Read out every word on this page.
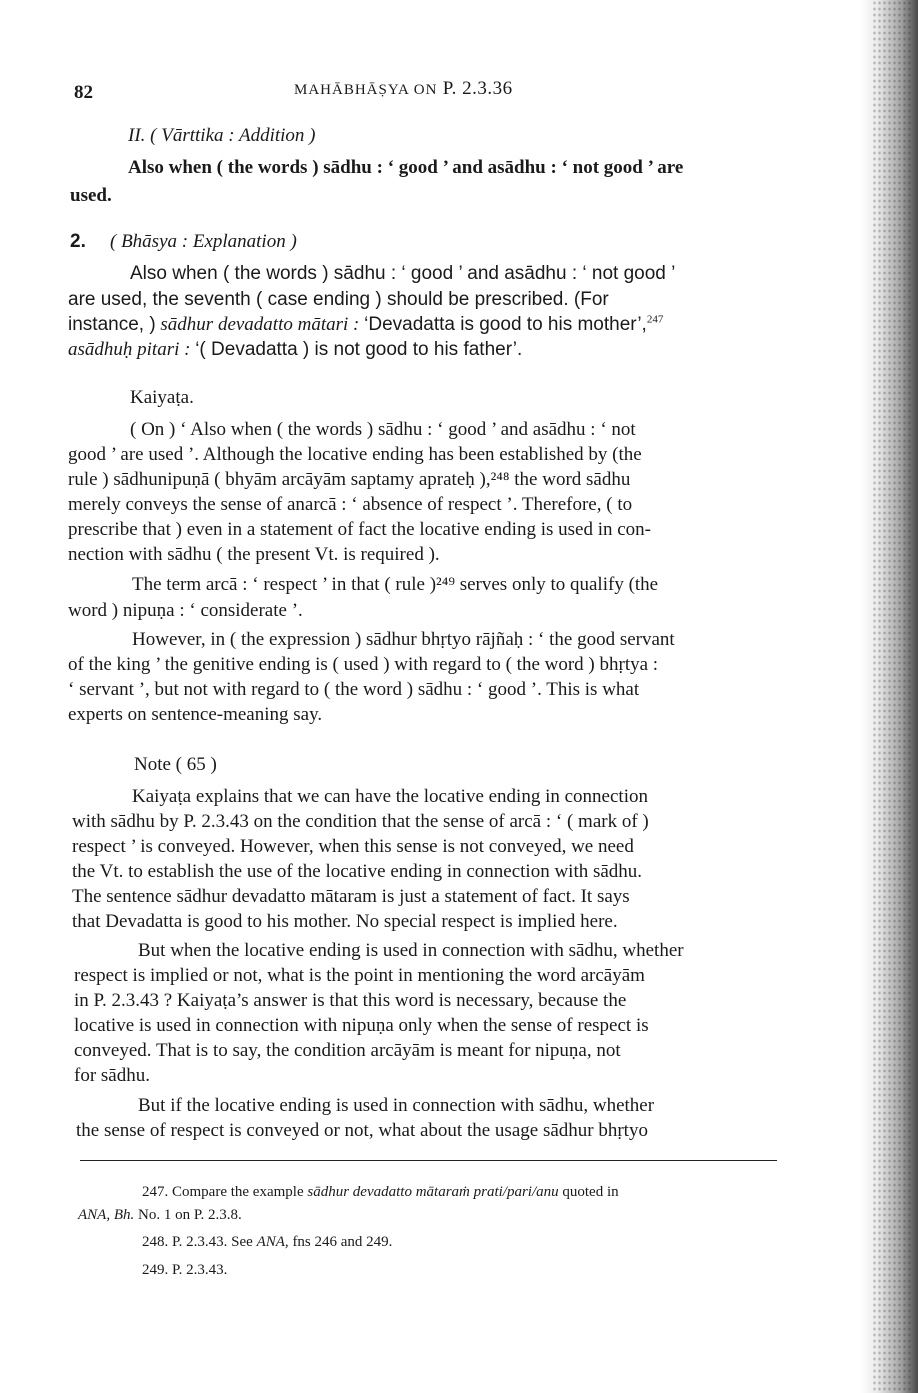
82	MAHĀBHĀṢYA ON P. 2.3.36
II. ( Vārttika : Addition )
Also when ( the words ) sādhu : ‘ good ’ and asādhu : ‘ not good ’ are
used.
2. ( Bhāsya : Explanation )
Also when ( the words ) sādhu : ‘ good ’ and asādhu : ‘ not good ’
are used, the seventh ( case ending ) should be prescribed. (For
instance, ) sādhur devadatto mātari : ‘Devadatta is good to his mother’,$^{247}$
asādhuḥ pitari : ‘( Devadatta ) is not good to his father’.
Kaiyaṭa.
( On ) ‘ Also when ( the words ) sādhu : ‘ good ’ and asādhu : ‘ not
good ’ are used ’. Although the locative ending has been established by (the
rule ) sādhunipuṇā ( bhyām arcāyām saptamy aprateḥ ),²⁴⁸ the word sādhu
merely conveys the sense of anarcā : ‘ absence of respect ’. Therefore, ( to
prescribe that ) even in a statement of fact the locative ending is used in con-
nection with sādhu ( the present Vt. is required ).
The term arcā : ‘ respect ’ in that ( rule )²⁴⁹ serves only to qualify (the
word ) nipuṇa : ‘ considerate ’.
However, in ( the expression ) sādhur bhṛtyo rājñaḥ : ‘ the good servant
of the king ’ the genitive ending is ( used ) with regard to ( the word ) bhṛtya :
‘ servant ’, but not with regard to ( the word ) sādhu : ‘ good ’. This is what
experts on sentence-meaning say.
Note ( 65 )
Kaiyaṭa explains that we can have the locative ending in connection
with sādhu by P. 2.3.43 on the condition that the sense of arcā : ‘ ( mark of )
respect ’ is conveyed. However, when this sense is not conveyed, we need
the Vt. to establish the use of the locative ending in connection with sādhu.
The sentence sādhur devadatto mātaram is just a statement of fact. It says
that Devadatta is good to his mother. No special respect is implied here.
But when the locative ending is used in connection with sādhu, whether
respect is implied or not, what is the point in mentioning the word arcāyām
in P. 2.3.43 ? Kaiyaṭa’s answer is that this word is necessary, because the
locative is used in connection with nipuṇa only when the sense of respect is
conveyed. That is to say, the condition arcāyām is meant for nipuṇa, not
for sādhu.
But if the locative ending is used in connection with sādhu, whether
the sense of respect is conveyed or not, what about the usage sādhur bhṛtyo
247. Compare the example sādhur devadatto mātaraṁ prati/pari/anu quoted in
ANA, Bh. No. 1 on P. 2.3.8.
248. P. 2.3.43. See ANA, fns 246 and 249.
249. P. 2.3.43.
